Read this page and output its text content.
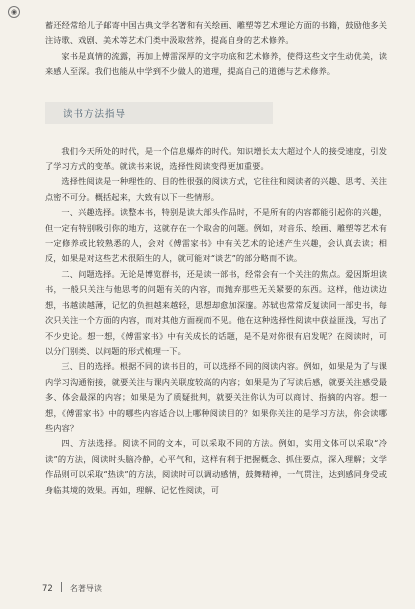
◉

蓄还经常给儿子邮寄中国古典文学名著和有关绘画、雕塑等艺术理论方面的书籍，鼓励他多关注诗歌、戏剧、美术等艺术门类中汲取营养，提高自身的艺术修养。

家书是真情的流露，再加上傅雷深厚的文字功底和艺术修养，使得这些文字生动优美，读来感人至深。我们也能从中学到不少做人的道理，提高自己的道德与艺术修养。

读书方法指导

我们今天所处的时代，是一个信息爆炸的时代。知识增长太大超过个人的接受速度，引发了学习方式的变革。就读书来说，选择性阅读变得更加重要。

选择性阅读是一种理性的、目的性很强的阅读方式，它往往和阅读者的兴趣、思考、关注点密不可分。概括起来，大致有以下一些情形。

一、兴趣选择。读整本书，特别是读大部头作品时，不是所有的内容都能引起你的兴趣，但一定有特别吸引你的地方，这就存在一个取舍的问题。例如，对音乐、绘画、雕塑等艺术有一定修养或比较熟悉的人，会对《傅雷家书》中有关艺术的论述产生兴趣，会认真去读；相反，如果是对这些艺术很陌生的人，就可能对“谈艺”的部分略而不读。

二、问题选择。无论是博览群书，还是读一部书，经常会有一个关注的焦点。爱因斯坦读书，一般只关注与他思考的问题有关的内容，而抛弃那些无关紧要的东西。这样，他边读边想，书越读越薄，记忆的负担越来越轻，思想却愈加深邃。苏轼也常常反复读同一部史书，每次只关注一个方面的内容，而对其他方面视而不见。他在这种选择性阅读中获益匪浅，写出了不少史论。想一想，《傅雷家书》中有关成长的话题，是不是对你很有启发呢？在阅读时，可以分门别类、以问题的形式梳理一下。

三、目的选择。根据不同的读书目的，可以选择不同的阅读内容。例如，如果是为了与课内学习沟通衔接，就要关注与课内关联度较高的内容；如果是为了写读后感，就要关注感受最多、体会最深的内容；如果是为了质疑批判，就要关注你认为可以商讨、指摘的内容。想一想，《傅雷家书》中的哪些内容适合以上哪种阅读目的？如果你关注的是学习方法，你会读哪些内容？

四、方法选择。阅读不同的文本，可以采取不同的方法。例如，实用文体可以采取“冷读”的方法，阅读时头脑冷静，心平气和，这样有利于把握概念、抓住要点，深入理解；文学作品则可以采取“热读”的方法，阅读时可以调动感情，鼓舞精神，一气贯注，达到感同身受或身临其境的效果。再如，理解、记忆性阅读，可

72 名著导读
